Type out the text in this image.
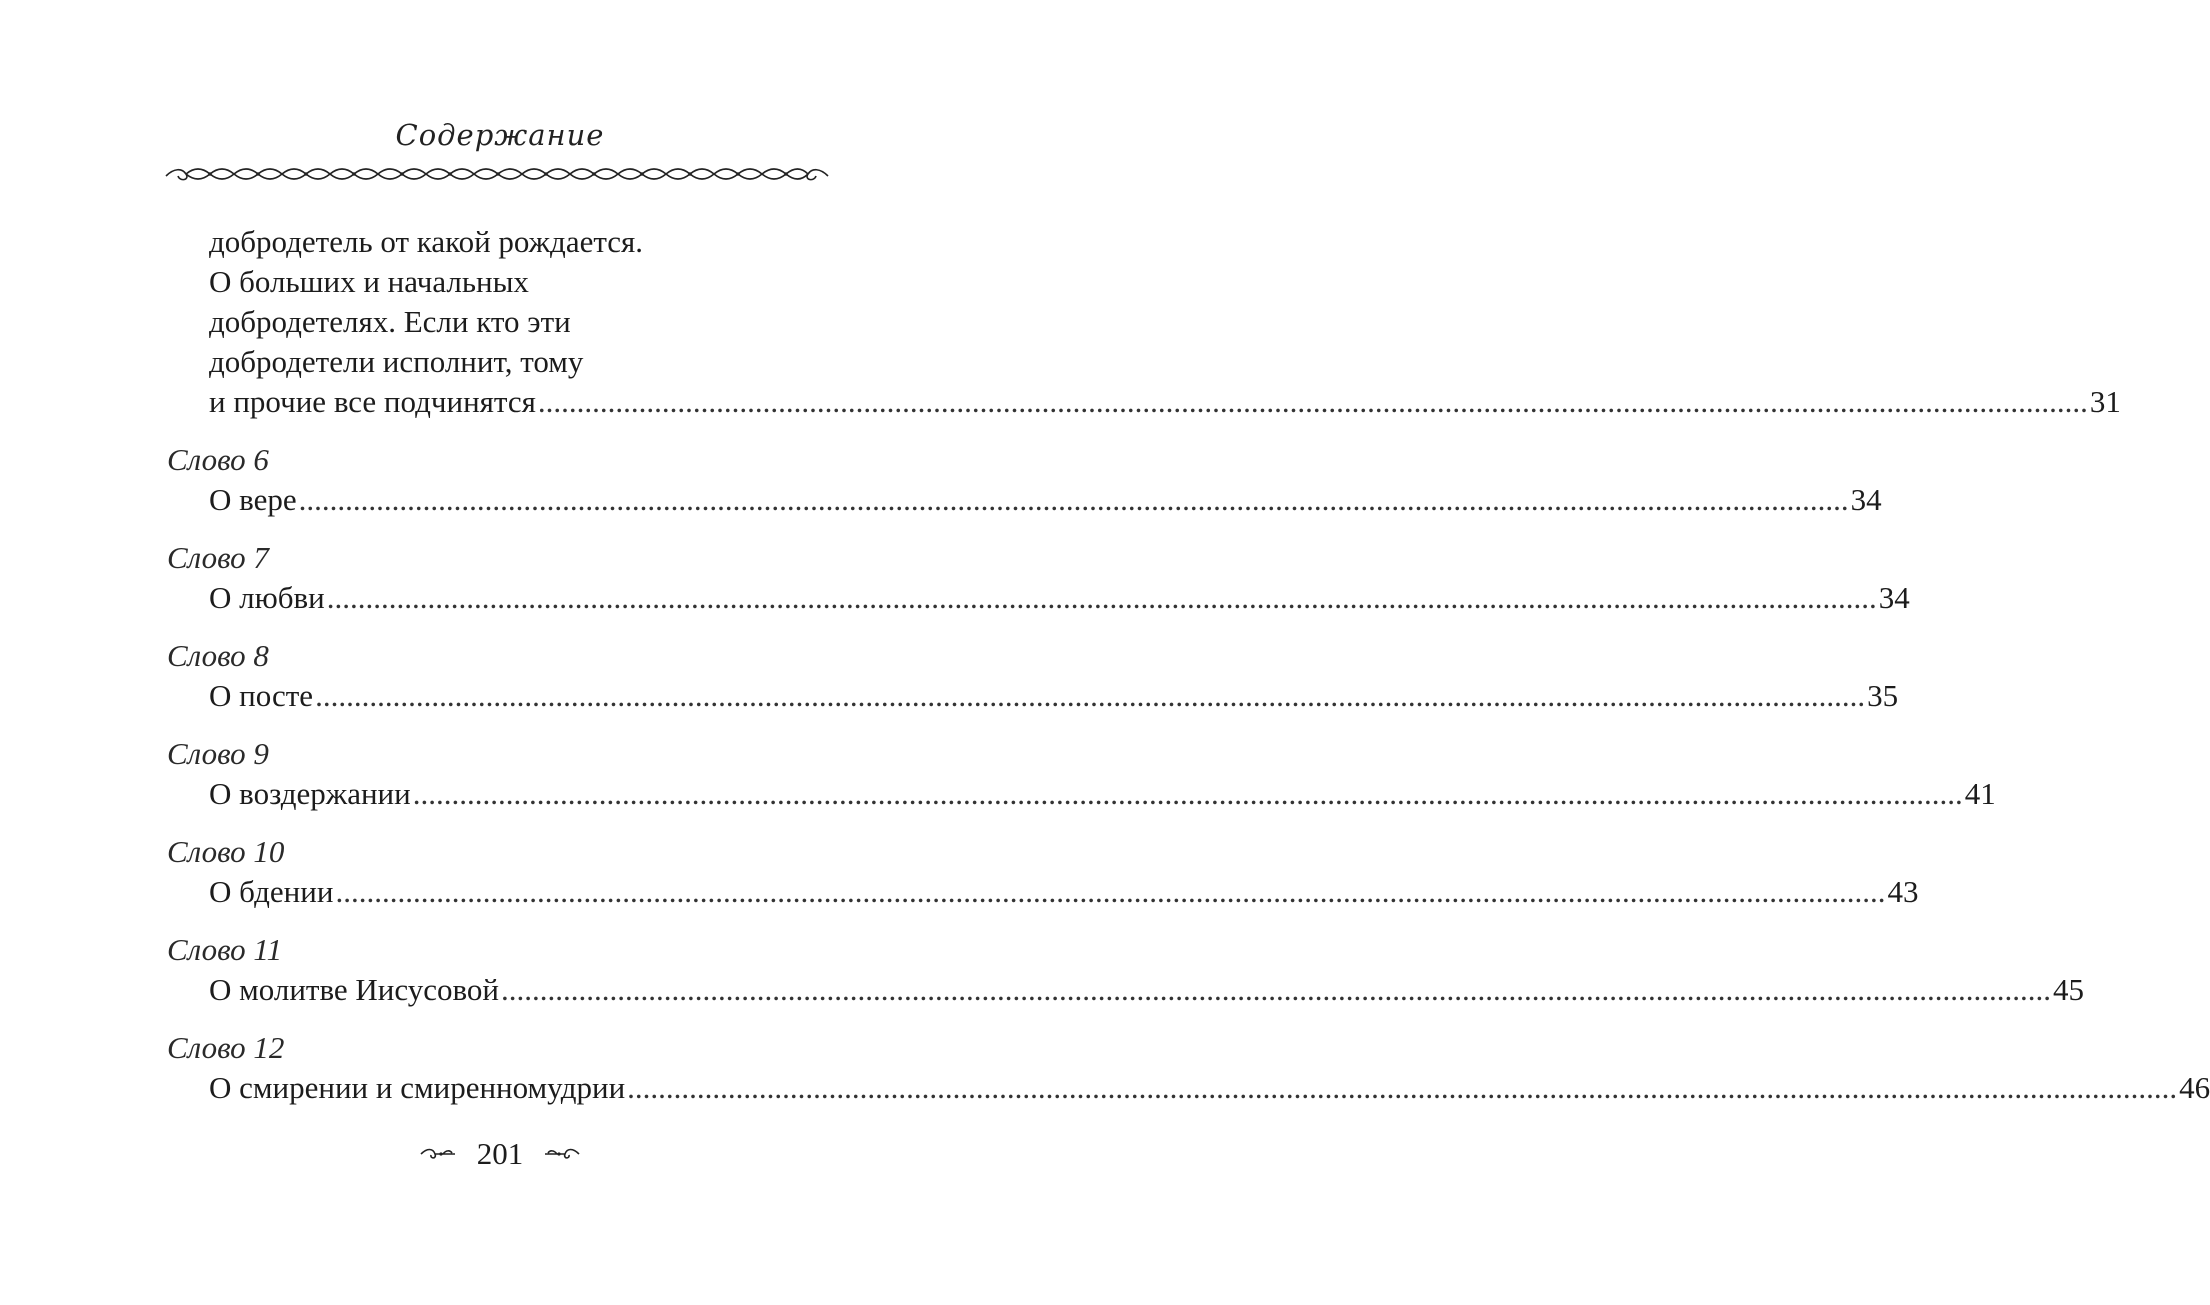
Содержание
добродетель от какой рождается.
О больших и начальных
добродетелях. Если кто эти
добродетели исполнит, тому
и прочие все подчинятся ........................................................................................................................................................................................................ 31
Слово 6
О вере ........................................................................................................................................................................................................ 34
Слово 7
О любви ........................................................................................................................................................................................................ 34
Слово 8
О посте ........................................................................................................................................................................................................ 35
Слово 9
О воздержании ........................................................................................................................................................................................................ 41
Слово 10
О бдении ........................................................................................................................................................................................................ 43
Слово 11
О молитве Иисусовой ........................................................................................................................................................................................................ 45
Слово 12
О смирении и смиренномудрии ........................................................................................................................................................................................................ 46
201
